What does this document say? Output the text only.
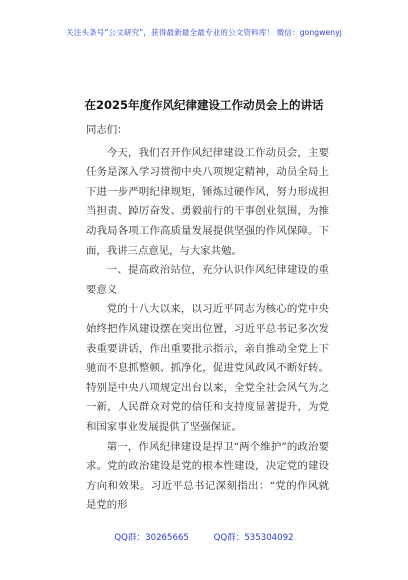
关注头条号“公文研究”，获得最新最全最专业的公文资料库！ 微信：gongwenyj
在2025年度作风纪律建设工作动员会上的讲话

同志们：

今天，我们召开作风纪律建设工作动员会，主要任务是深入学习贯彻中央八项规定精神，动员全局上下进一步严明纪律规矩，锤炼过硬作风，努力形成担当担责、踔厉奋发、勇毅前行的干事创业氛围，为推动我局各项工作高质量发展提供坚强的作风保障。下面，我讲三点意见，与大家共勉。

一、提高政治站位，充分认识作风纪律建设的重要意义

党的十八大以来，以习近平同志为核心的党中央始终把作风建设摆在突出位置，习近平总书记多次发表重要讲话，作出重要批示指示，亲自推动全党上下驰而不息抓整顿、抓净化，促进党风政风不断好转。特别是中央八项规定出台以来，全党全社会风气为之一新，人民群众对党的信任和支持度显著提升，为党和国家事业发展提供了坚强保证。

第一，作风纪律建设是捍卫“两个维护”的政治要求。党的政治建设是党的根本性建设，决定党的建设方向和效果。习近平总书记深刻指出：“党的作风就是党的形

QQ群：30265665	QQ群：535304092
